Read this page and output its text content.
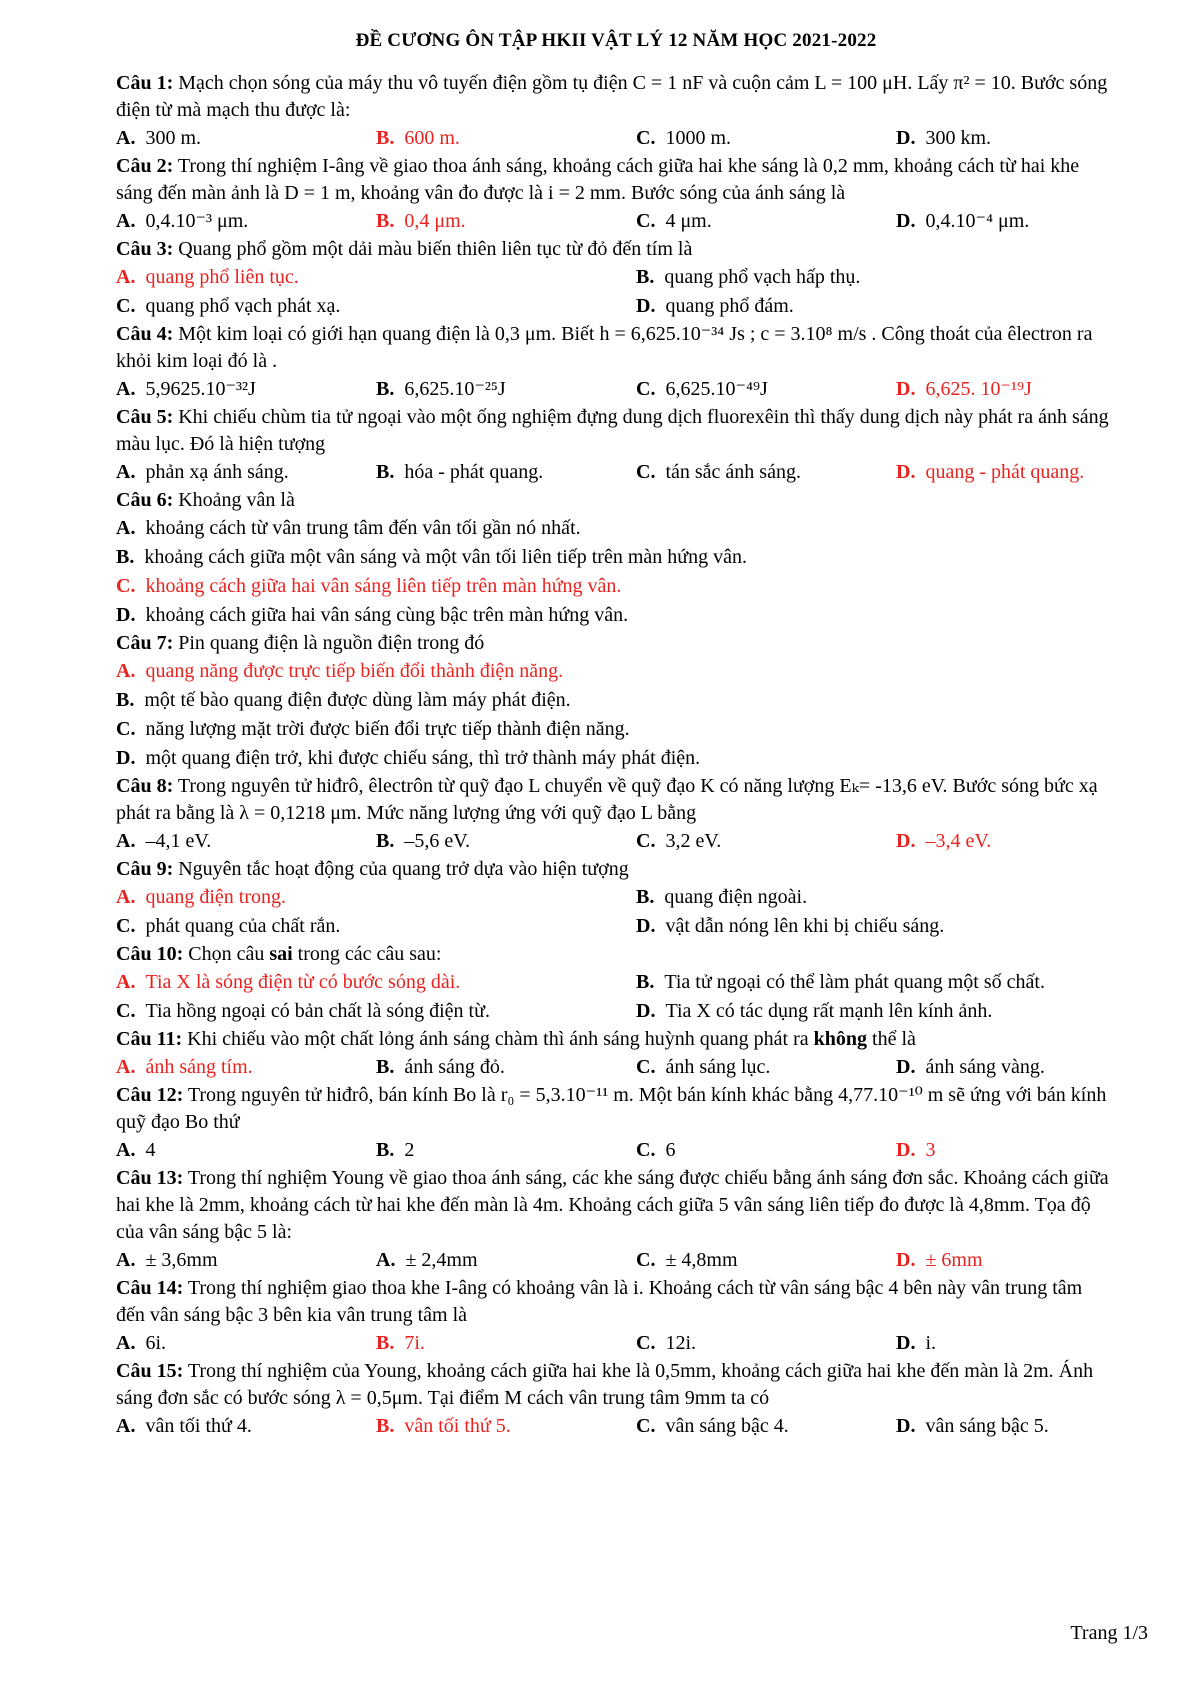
ĐỀ CƯƠNG ÔN TẬP HKII VẬT LÝ 12 NĂM HỌC 2021-2022
Câu 1: Mạch chọn sóng của máy thu vô tuyến điện gồm tụ điện C = 1 nF và cuộn cảm L = 100 μH. Lấy π² = 10. Bước sóng điện từ mà mạch thu được là:
A. 300 m.	B. 600 m.	C. 1000 m.	D. 300 km.
Câu 2: Trong thí nghiệm I-âng về giao thoa ánh sáng, khoảng cách giữa hai khe sáng là 0,2 mm, khoảng cách từ hai khe sáng đến màn ảnh là D = 1 m, khoảng vân đo được là i = 2 mm. Bước sóng của ánh sáng là
A. 0,4.10⁻³ μm.	B. 0,4 μm.	C. 4 μm.	D. 0,4.10⁻⁴ μm.
Câu 3: Quang phổ gồm một dải màu biến thiên liên tục từ đỏ đến tím là
A. quang phổ liên tục.	B. quang phổ vạch hấp thụ.
C. quang phổ vạch phát xạ.	D. quang phổ đám.
Câu 4: Một kim loại có giới hạn quang điện là 0,3 μm. Biết h = 6,625.10⁻³⁴ Js ; c = 3.10⁸ m/s . Công thoát của êlectron ra khỏi kim loại đó là .
A. 5,9625.10⁻³²J	B. 6,625.10⁻²⁵J	C. 6,625.10⁻⁴⁹J	D. 6,625. 10⁻¹⁹J
Câu 5: Khi chiếu chùm tia tử ngoại vào một ống nghiệm đựng dung dịch fluorexêin thì thấy dung dịch này phát ra ánh sáng màu lục. Đó là hiện tượng
A. phản xạ ánh sáng.	B. hóa - phát quang.	C. tán sắc ánh sáng.	D. quang - phát quang.
Câu 6: Khoảng vân là
A. khoảng cách từ vân trung tâm đến vân tối gần nó nhất.
B. khoảng cách giữa một vân sáng và một vân tối liên tiếp trên màn hứng vân.
C. khoảng cách giữa hai vân sáng liên tiếp trên màn hứng vân.
D. khoảng cách giữa hai vân sáng cùng bậc trên màn hứng vân.
Câu 7: Pin quang điện là nguồn điện trong đó
A. quang năng được trực tiếp biến đổi thành điện năng.
B. một tế bào quang điện được dùng làm máy phát điện.
C. năng lượng mặt trời được biến đổi trực tiếp thành điện năng.
D. một quang điện trở, khi được chiếu sáng, thì trở thành máy phát điện.
Câu 8: Trong nguyên tử hiđrô, êlectrôn từ quỹ đạo L chuyển về quỹ đạo K có năng lượng Eₖ= -13,6 eV. Bước sóng bức xạ phát ra bằng là λ = 0,1218 μm. Mức năng lượng ứng với quỹ đạo L bằng
A. –4,1 eV.	B. –5,6 eV.	C. 3,2 eV.	D. –3,4 eV.
Câu 9: Nguyên tắc hoạt động của quang trở dựa vào hiện tượng
A. quang điện trong.	B. quang điện ngoài.
C. phát quang của chất rắn.	D. vật dẫn nóng lên khi bị chiếu sáng.
Câu 10: Chọn câu sai trong các câu sau:
A. Tia X là sóng điện từ có bước sóng dài.	B. Tia tử ngoại có thể làm phát quang một số chất.
C. Tia hồng ngoại có bản chất là sóng điện từ.	D. Tia X có tác dụng rất mạnh lên kính ảnh.
Câu 11: Khi chiếu vào một chất lỏng ánh sáng chàm thì ánh sáng huỳnh quang phát ra không thể là
A. ánh sáng tím.	B. ánh sáng đỏ.	C. ánh sáng lục.	D. ánh sáng vàng.
Câu 12: Trong nguyên tử hiđrô, bán kính Bo là r₀ = 5,3.10⁻¹¹ m. Một bán kính khác bằng 4,77.10⁻¹⁰ m sẽ ứng với bán kính quỹ đạo Bo thứ
A. 4	B. 2	C. 6	D. 3
Câu 13: Trong thí nghiệm Young về giao thoa ánh sáng, các khe sáng được chiếu bằng ánh sáng đơn sắc. Khoảng cách giữa hai khe là 2mm, khoảng cách từ hai khe đến màn là 4m. Khoảng cách giữa 5 vân sáng liên tiếp đo được là 4,8mm. Tọa độ của vân sáng bậc 5 là:
A. ± 3,6mm	A. ± 2,4mm	C. ± 4,8mm	D. ± 6mm
Câu 14: Trong thí nghiệm giao thoa khe I-âng có khoảng vân là i. Khoảng cách từ vân sáng bậc 4 bên này vân trung tâm đến vân sáng bậc 3 bên kia vân trung tâm là
A. 6i.	B. 7i.	C. 12i.	D. i.
Câu 15: Trong thí nghiệm của Young, khoảng cách giữa hai khe là 0,5mm, khoảng cách giữa hai khe đến màn là 2m. Ánh sáng đơn sắc có bước sóng λ = 0,5μm. Tại điểm M cách vân trung tâm 9mm ta có
A. vân tối thứ 4.	B. vân tối thứ 5.	C. vân sáng bậc 4.	D. vân sáng bậc 5.
Trang 1/3
